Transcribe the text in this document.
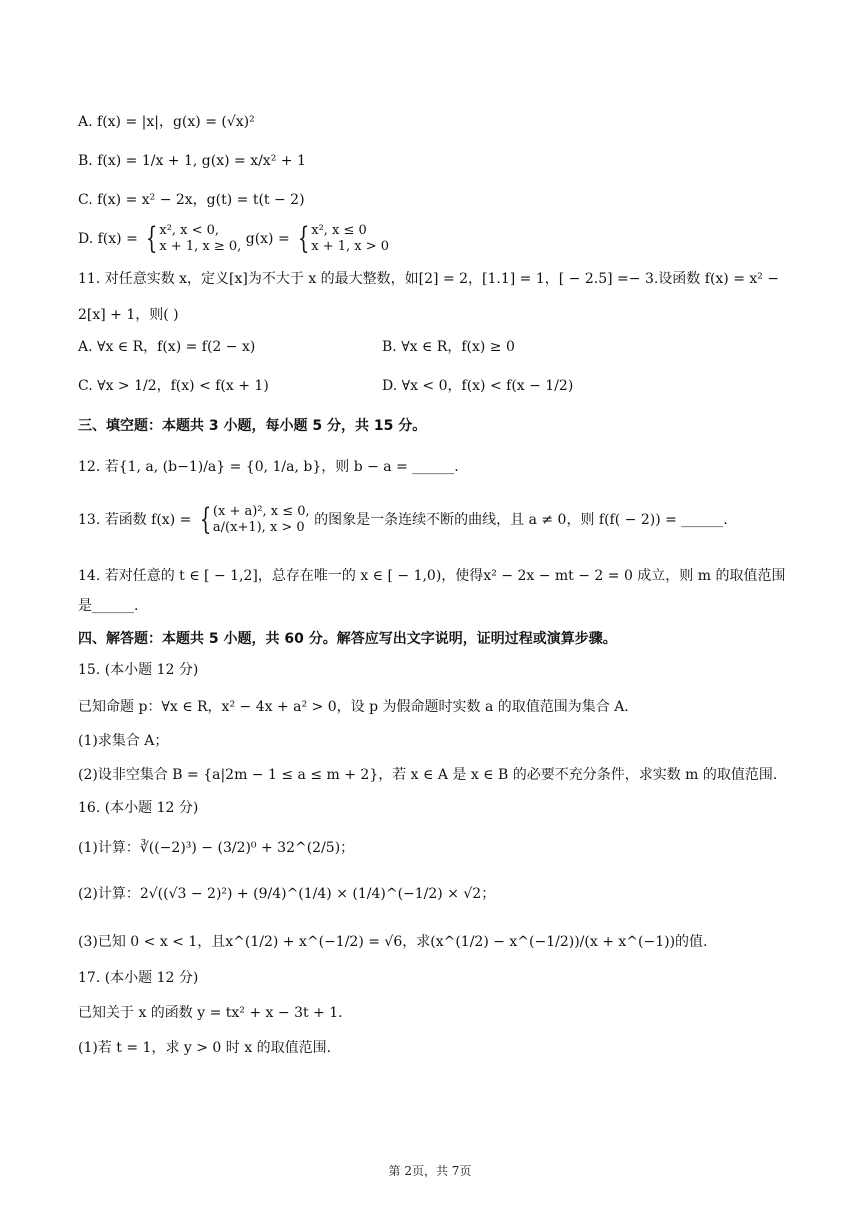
A. f(x) = |x|，g(x) = (√x)²
B. f(x) = 1/x + 1, g(x) = x/x² + 1
C. f(x) = x² − 2x，g(t) = t(t − 2)
D. f(x) = { x², x < 0,
x + 1, x ≥ 0, g(x) = { x², x ≤ 0
x + 1, x > 0
11. 对任意实数 x，定义[x]为不大于 x 的最大整数，如[2] = 2，[1.1] = 1，[ − 2.5] =− 3.设函数 f(x) = x² −
2[x] + 1，则( )
A. ∀x ∈ R，f(x) = f(2 − x)	B. ∀x ∈ R，f(x) ≥ 0
C. ∀x > 1/2，f(x) < f(x + 1)	D. ∀x < 0，f(x) < f(x − 1/2)
三、填空题：本题共 3 小题，每小题 5 分，共 15 分。
12. 若{1, a, (b−1)/a} = {0, 1/a, b}，则 b − a = ______.
13. 若函数 f(x) = { (x + a)², x ≤ 0,
a/(x+1), x > 0 的图象是一条连续不断的曲线，且 a ≠ 0，则 f(f( − 2)) = ______.
14. 若对任意的 t ∈ [ − 1,2]，总存在唯一的 x ∈ [ − 1,0)，使得x² − 2x − mt − 2 = 0 成立，则 m 的取值范围
是______.
四、解答题：本题共 5 小题，共 60 分。解答应写出文字说明，证明过程或演算步骤。
15. (本小题 12 分)
已知命题 p：∀x ∈ R，x² − 4x + a² > 0，设 p 为假命题时实数 a 的取值范围为集合 A.
(1)求集合 A；
(2)设非空集合 B = {a|2m − 1 ≤ a ≤ m + 2}，若 x ∈ A 是 x ∈ B 的必要不充分条件，求实数 m 的取值范围.
16. (本小题 12 分)
(1)计算：∛((−2)³) − (3/2)⁰ + 32^(2/5)；
(2)计算：2√((√3 − 2)²) + (9/4)^(1/4) × (1/4)^(−1/2) × √2；
(3)已知 0 < x < 1，且x^(1/2) + x^(−1/2) = √6，求(x^(1/2) − x^(−1/2))/(x + x^(−1))的值.
17. (本小题 12 分)
已知关于 x 的函数 y = tx² + x − 3t + 1.
(1)若 t = 1，求 y > 0 时 x 的取值范围.
第 2页，共 7页
